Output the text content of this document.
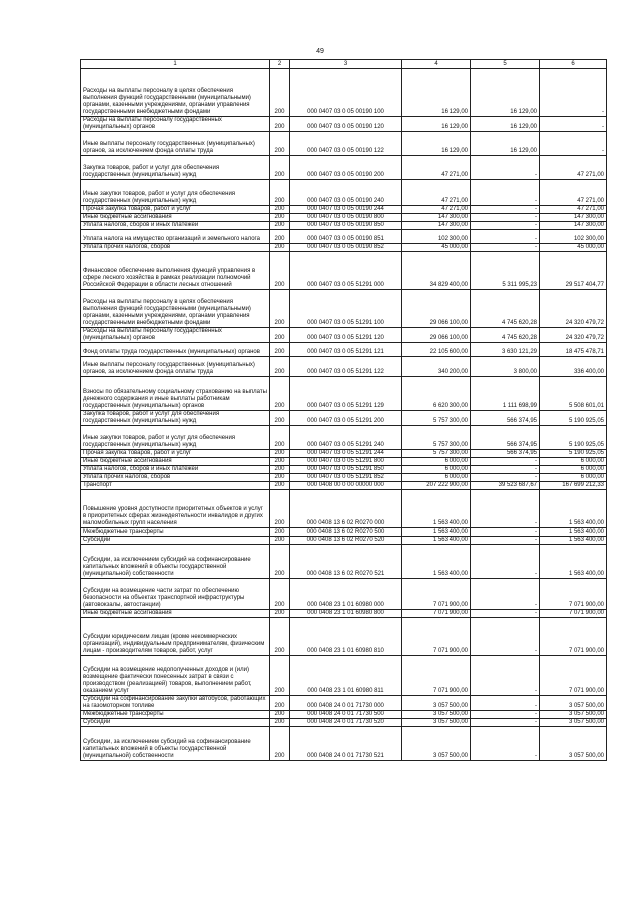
49
1	2	3	4	5	6
Расходы на выплаты персоналу в целях обеспечения выполнения функций государственными (муниципальными) органами, казенными учреждениями, органами управления государственными внебюджетными фондами	200	000 0407 03 0 05 00190 100	16 129,00	16 129,00	-
Расходы на выплаты персоналу государственных (муниципальных) органов	200	000 0407 03 0 05 00190 120	16 129,00	16 129,00	-
Иные выплаты персоналу государственных (муниципальных) органов, за исключением фонда оплаты труда	200	000 0407 03 0 05 00190 122	16 129,00	16 129,00	-
Закупка товаров, работ и услуг для обеспечения государственных (муниципальных) нужд	200	000 0407 03 0 05 00190 200	47 271,00	-	47 271,00
Иные закупки товаров, работ и услуг для обеспечения государственных (муниципальных) нужд	200	000 0407 03 0 05 00190 240	47 271,00	-	47 271,00
Прочая закупка товаров, работ и услуг	200	000 0407 03 0 05 00190 244	47 271,00	-	47 271,00
Иные бюджетные ассигнования	200	000 0407 03 0 05 00190 800	147 300,00	-	147 300,00
Уплата налогов, сборов и иных платежей	200	000 0407 03 0 05 00190 850	147 300,00	-	147 300,00
Уплата налога на имущество организаций и земельного налога	200	000 0407 03 0 05 00190 851	102 300,00	-	102 300,00
Уплата прочих налогов, сборов	200	000 0407 03 0 05 00190 852	45 000,00	-	45 000,00
Финансовое обеспечение выполнения функций управления в сфере лесного хозяйства в рамках реализации полномочий Российской Федерации в области лесных отношений	200	000 0407 03 0 05 51291 000	34 829 400,00	5 311 995,23	29 517 404,77
Расходы на выплаты персоналу в целях обеспечения выполнения функций государственными (муниципальными) органами, казенными учреждениями, органами управления государственными внебюджетными фондами	200	000 0407 03 0 05 51291 100	29 066 100,00	4 745 620,28	24 320 479,72
Расходы на выплаты персоналу государственных (муниципальных) органов	200	000 0407 03 0 05 51291 120	29 066 100,00	4 745 620,28	24 320 479,72
Фонд оплаты труда государственных (муниципальных) органов	200	000 0407 03 0 05 51291 121	22 105 600,00	3 630 121,29	18 475 478,71
Иные выплаты персоналу государственных (муниципальных) органов, за исключением фонда оплаты труда	200	000 0407 03 0 05 51291 122	340 200,00	3 800,00	336 400,00
Взносы по обязательному социальному страхованию на выплаты денежного содержания и иные выплаты работникам государственных (муниципальных) органов	200	000 0407 03 0 05 51291 129	6 620 300,00	1 111 698,99	5 508 601,01
Закупка товаров, работ и услуг для обеспечения государственных (муниципальных) нужд	200	000 0407 03 0 05 51291 200	5 757 300,00	566 374,95	5 190 925,05
Иные закупки товаров, работ и услуг для обеспечения государственных (муниципальных) нужд	200	000 0407 03 0 05 51291 240	5 757 300,00	566 374,95	5 190 925,05
Прочая закупка товаров, работ и услуг	200	000 0407 03 0 05 51291 244	5 757 300,00	566 374,95	5 190 925,05
Иные бюджетные ассигнования	200	000 0407 03 0 05 51291 800	6 000,00	-	6 000,00
Уплата налогов, сборов и иных платежей	200	000 0407 03 0 05 51291 850	6 000,00	-	6 000,00
Уплата прочих налогов, сборов	200	000 0407 03 0 05 51291 852	6 000,00	-	6 000,00
Транспорт	200	000 0408 00 0 00 00000 000	207 222 900,00	39 523 687,67	167 699 212,33
Повышение уровня доступности приоритетных объектов и услуг в приоритетных сферах жизнедеятельности инвалидов и других маломобильных групп населения	200	000 0408 13 6 02 R0270 000	1 563 400,00	-	1 563 400,00
Межбюджетные трансферты	200	000 0408 13 6 02 R0270 500	1 563 400,00	-	1 563 400,00
Субсидии	200	000 0408 13 6 02 R0270 520	1 563 400,00	-	1 563 400,00
Субсидии, за исключением субсидий на софинансирование капитальных вложений в объекты государственной (муниципальной) собственности	200	000 0408 13 6 02 R0270 521	1 563 400,00	-	1 563 400,00
Субсидии на возмещение части затрат по обеспечению безопасности на объектах транспортной инфраструктуры (автовокзалы, автостанции)	200	000 0408 23 1 01 60980 000	7 071 900,00	-	7 071 900,00
Иные бюджетные ассигнования	200	000 0408 23 1 01 60980 800	7 071 900,00	-	7 071 900,00
Субсидии юридическим лицам (кроме некоммерческих организаций), индивидуальным предпринимателям, физическим лицам - производителям товаров, работ, услуг	200	000 0408 23 1 01 60980 810	7 071 900,00	-	7 071 900,00
Субсидии на возмещение недополученных доходов и (или) возмещение фактически понесенных затрат в связи с производством (реализацией) товаров, выполнением работ, оказанием услуг	200	000 0408 23 1 01 60980 811	7 071 900,00	-	7 071 900,00
Субсидии на софинансирование закупки автобусов, работающих на газомоторном топливе	200	000 0408 24 0 01 71730 000	3 057 500,00	-	3 057 500,00
Межбюджетные трансферты	200	000 0408 24 0 01 71730 500	3 057 500,00	-	3 057 500,00
Субсидии	200	000 0408 24 0 01 71730 520	3 057 500,00	-	3 057 500,00
Субсидии, за исключением субсидий на софинансирование капитальных вложений в объекты государственной (муниципальной) собственности	200	000 0408 24 0 01 71730 521	3 057 500,00	-	3 057 500,00
